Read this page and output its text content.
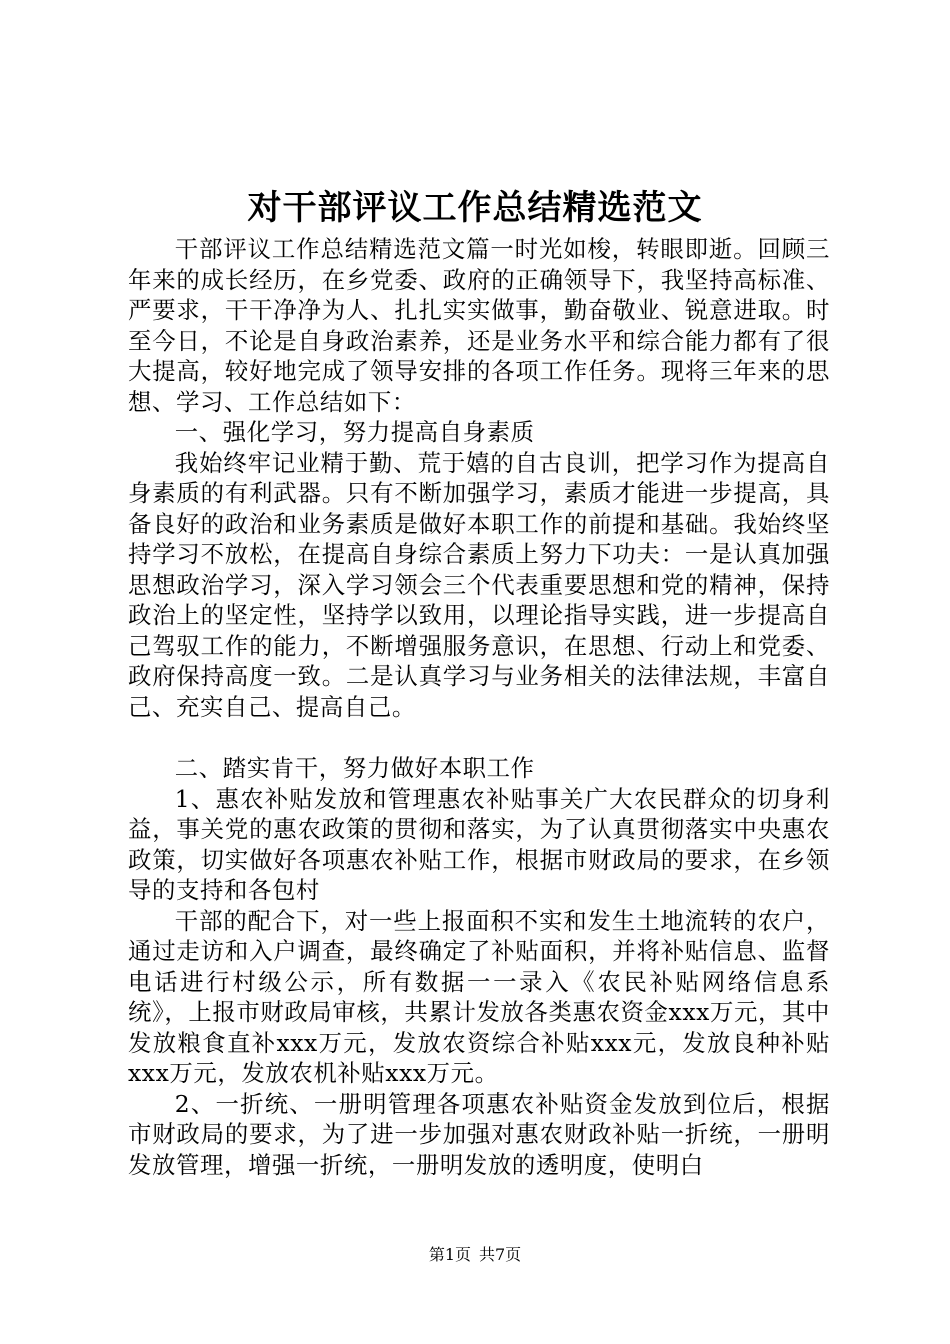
对干部评议工作总结精选范文

干部评议工作总结精选范文篇一时光如梭，转眼即逝。回顾三年来的成长经历，在乡党委、政府的正确领导下，我坚持高标准、严要求，干干净净为人、扎扎实实做事，勤奋敬业、锐意进取。时至今日，不论是自身政治素养，还是业务水平和综合能力都有了很大提高，较好地完成了领导安排的各项工作任务。现将三年来的思想、学习、工作总结如下：

一、强化学习，努力提高自身素质

我始终牢记业精于勤、荒于嬉的自古良训，把学习作为提高自身素质的有利武器。只有不断加强学习，素质才能进一步提高，具备良好的政治和业务素质是做好本职工作的前提和基础。我始终坚持学习不放松，在提高自身综合素质上努力下功夫：一是认真加强思想政治学习，深入学习领会三个代表重要思想和党的精神，保持政治上的坚定性，坚持学以致用，以理论指导实践，进一步提高自己驾驭工作的能力，不断增强服务意识，在思想、行动上和党委、政府保持高度一致。二是认真学习与业务相关的法律法规，丰富自己、充实自己、提高自己。

二、踏实肯干，努力做好本职工作

1、惠农补贴发放和管理惠农补贴事关广大农民群众的切身利益，事关党的惠农政策的贯彻和落实，为了认真贯彻落实中央惠农政策，切实做好各项惠农补贴工作，根据市财政局的要求，在乡领导的支持和各包村

干部的配合下，对一些上报面积不实和发生土地流转的农户，通过走访和入户调查，最终确定了补贴面积，并将补贴信息、监督电话进行村级公示，所有数据一一录入《农民补贴网络信息系统》，上报市财政局审核，共累计发放各类惠农资金xxx万元，其中发放粮食直补xxx万元，发放农资综合补贴xxx元，发放良种补贴xxx万元，发放农机补贴xxx万元。

2、一折统、一册明管理各项惠农补贴资金发放到位后，根据市财政局的要求，为了进一步加强对惠农财政补贴一折统，一册明发放管理，增强一折统，一册明发放的透明度，使明白

第1页 共7页
